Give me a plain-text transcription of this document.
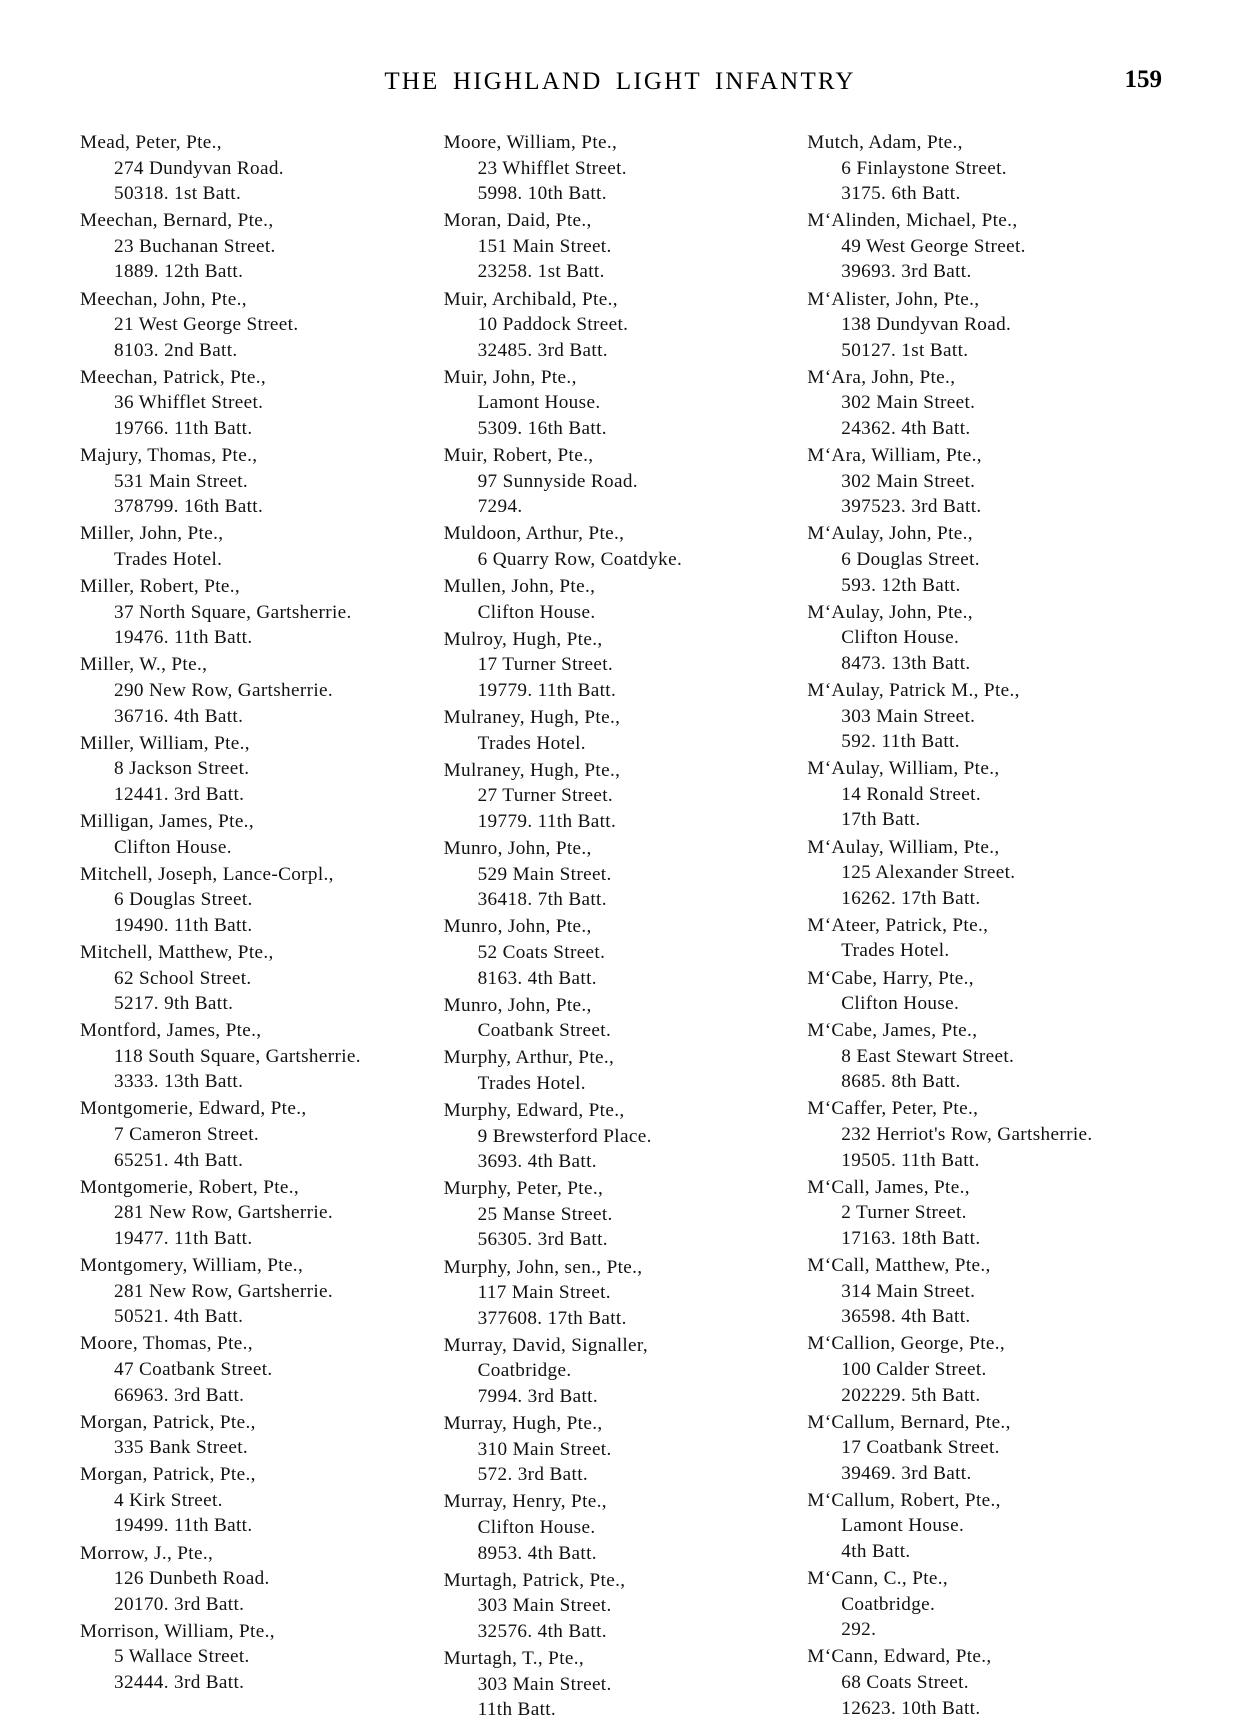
THE HIGHLAND LIGHT INFANTRY	159
Mead, Peter, Pte.,
274 Dundyvan Road.
50318. 1st Batt.
Meechan, Bernard, Pte.,
23 Buchanan Street.
1889. 12th Batt.
Meechan, John, Pte.,
21 West George Street.
8103. 2nd Batt.
Meechan, Patrick, Pte.,
36 Whifflet Street.
19766. 11th Batt.
Majury, Thomas, Pte.,
531 Main Street.
378799. 16th Batt.
Miller, John, Pte.,
Trades Hotel.
Miller, Robert, Pte.,
37 North Square, Gartsherrie.
19476. 11th Batt.
Miller, W., Pte.,
290 New Row, Gartsherrie.
36716. 4th Batt.
Miller, William, Pte.,
8 Jackson Street.
12441. 3rd Batt.
Milligan, James, Pte.,
Clifton House.
Mitchell, Joseph, Lance-Corpl.,
6 Douglas Street.
19490. 11th Batt.
Mitchell, Matthew, Pte.,
62 School Street.
5217. 9th Batt.
Montford, James, Pte.,
118 South Square, Gartsherrie.
3333. 13th Batt.
Montgomerie, Edward, Pte.,
7 Cameron Street.
65251. 4th Batt.
Montgomerie, Robert, Pte.,
281 New Row, Gartsherrie.
19477. 11th Batt.
Montgomery, William, Pte.,
281 New Row, Gartsherrie.
50521. 4th Batt.
Moore, Thomas, Pte.,
47 Coatbank Street.
66963. 3rd Batt.
Morgan, Patrick, Pte.,
335 Bank Street.
Morgan, Patrick, Pte.,
4 Kirk Street.
19499. 11th Batt.
Morrow, J., Pte.,
126 Dunbeth Road.
20170. 3rd Batt.
Morrison, William, Pte.,
5 Wallace Street.
32444. 3rd Batt.
Moore, William, Pte.,
23 Whifflet Street.
5998. 10th Batt.
Moran, Daid, Pte.,
151 Main Street.
23258. 1st Batt.
Muir, Archibald, Pte.,
10 Paddock Street.
32485. 3rd Batt.
Muir, John, Pte.,
Lamont House.
5309. 16th Batt.
Muir, Robert, Pte.,
97 Sunnyside Road.
7294.
Muldoon, Arthur, Pte.,
6 Quarry Row, Coatdyke.
Mullen, John, Pte.,
Clifton House.
Mulroy, Hugh, Pte.,
17 Turner Street.
19779. 11th Batt.
Mulraney, Hugh, Pte.,
Trades Hotel.
Mulraney, Hugh, Pte.,
27 Turner Street.
19779. 11th Batt.
Munro, John, Pte.,
529 Main Street.
36418. 7th Batt.
Munro, John, Pte.,
52 Coats Street.
8163. 4th Batt.
Munro, John, Pte.,
Coatbank Street.
Murphy, Arthur, Pte.,
Trades Hotel.
Murphy, Edward, Pte.,
9 Brewsterford Place.
3693. 4th Batt.
Murphy, Peter, Pte.,
25 Manse Street.
56305. 3rd Batt.
Murphy, John, sen., Pte.,
117 Main Street.
377608. 17th Batt.
Murray, David, Signaller,
Coatbridge.
7994. 3rd Batt.
Murray, Hugh, Pte.,
310 Main Street.
572. 3rd Batt.
Murray, Henry, Pte.,
Clifton House.
8953. 4th Batt.
Murtagh, Patrick, Pte.,
303 Main Street.
32576. 4th Batt.
Murtagh, T., Pte.,
303 Main Street.
11th Batt.
Mutch, Adam, Pte.,
6 Finlaystone Street.
3175. 6th Batt.
M‘Alinden, Michael, Pte.,
49 West George Street.
39693. 3rd Batt.
M‘Alister, John, Pte.,
138 Dundyvan Road.
50127. 1st Batt.
M‘Ara, John, Pte.,
302 Main Street.
24362. 4th Batt.
M‘Ara, William, Pte.,
302 Main Street.
397523. 3rd Batt.
M‘Aulay, John, Pte.,
6 Douglas Street.
593. 12th Batt.
M‘Aulay, John, Pte.,
Clifton House.
8473. 13th Batt.
M‘Aulay, Patrick M., Pte.,
303 Main Street.
592. 11th Batt.
M‘Aulay, William, Pte.,
14 Ronald Street.
17th Batt.
M‘Aulay, William, Pte.,
125 Alexander Street.
16262. 17th Batt.
M‘Ateer, Patrick, Pte.,
Trades Hotel.
M‘Cabe, Harry, Pte.,
Clifton House.
M‘Cabe, James, Pte.,
8 East Stewart Street.
8685. 8th Batt.
M‘Caffer, Peter, Pte.,
232 Herriot's Row, Gartsherrie.
19505. 11th Batt.
M‘Call, James, Pte.,
2 Turner Street.
17163. 18th Batt.
M‘Call, Matthew, Pte.,
314 Main Street.
36598. 4th Batt.
M‘Callion, George, Pte.,
100 Calder Street.
202229. 5th Batt.
M‘Callum, Bernard, Pte.,
17 Coatbank Street.
39469. 3rd Batt.
M‘Callum, Robert, Pte.,
Lamont House.
4th Batt.
M‘Cann, C., Pte.,
Coatbridge.
292.
M‘Cann, Edward, Pte.,
68 Coats Street.
12623. 10th Batt.
